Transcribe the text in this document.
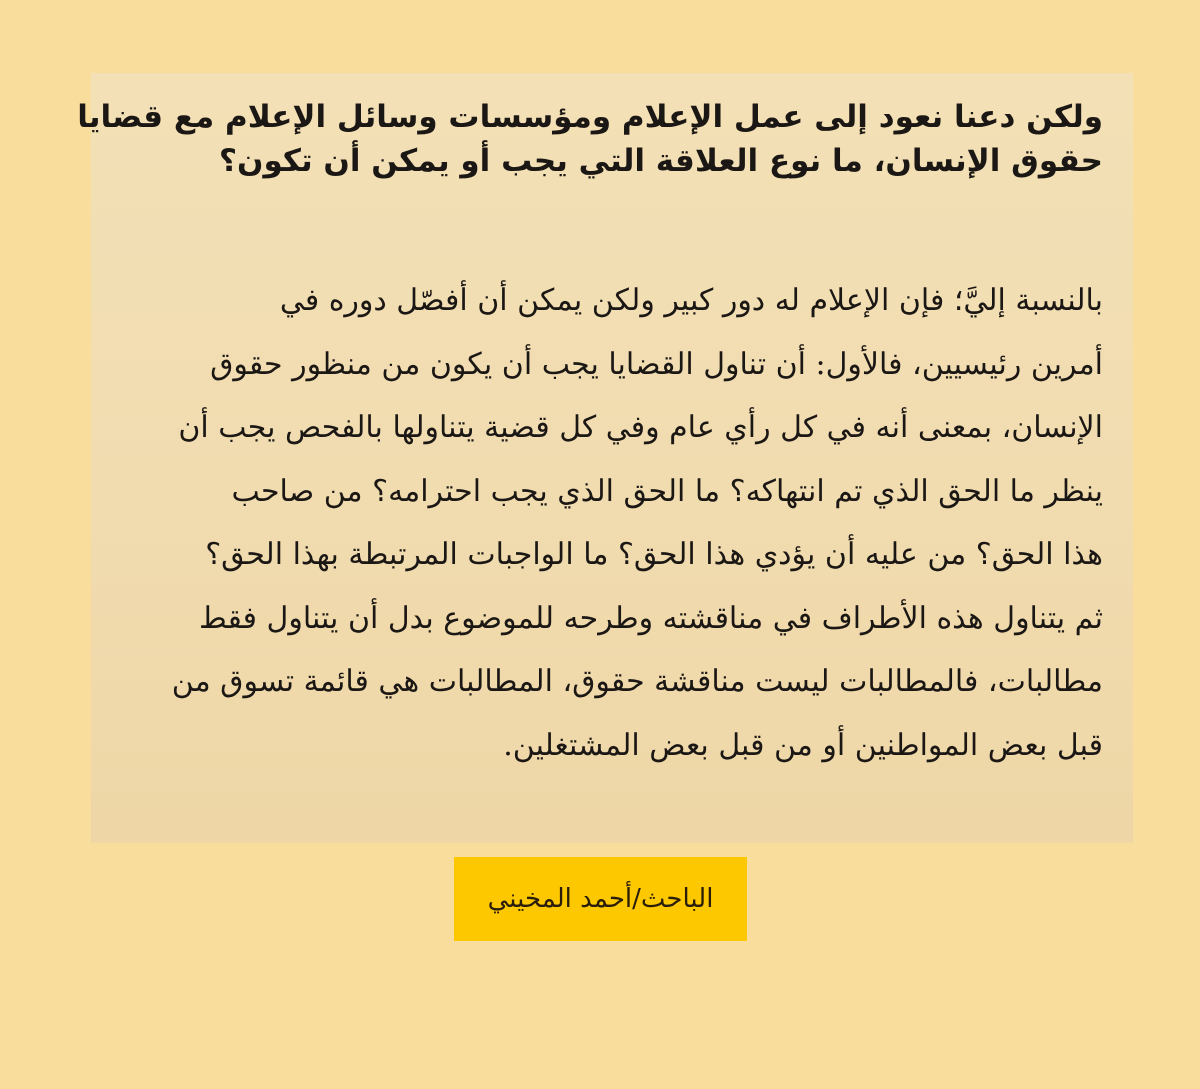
ولكن دعنا نعود إلى عمل الإعلام ومؤسسات وسائل الإعلام مع قضايا
حقوق الإنسان، ما نوع العلاقة التي يجب أو يمكن أن تكون؟
بالنسبة إليَّ؛ فإن الإعلام له دور كبير ولكن يمكن أن أفصّل دوره في
أمرين رئيسيين، فالأول: أن تناول القضايا يجب أن يكون من منظور حقوق
الإنسان، بمعنى أنه في كل رأي عام وفي كل قضية يتناولها بالفحص يجب أن
ينظر ما الحق الذي تم انتهاكه؟ ما الحق الذي يجب احترامه؟ من صاحب
هذا الحق؟ من عليه أن يؤدي هذا الحق؟ ما الواجبات المرتبطة بهذا الحق؟
ثم يتناول هذه الأطراف في مناقشته وطرحه للموضوع بدل أن يتناول فقط
مطالبات، فالمطالبات ليست مناقشة حقوق، المطالبات هي قائمة تسوق من
قبل بعض المواطنين أو من قبل بعض المشتغلين.
الباحث/أحمد المخيني
